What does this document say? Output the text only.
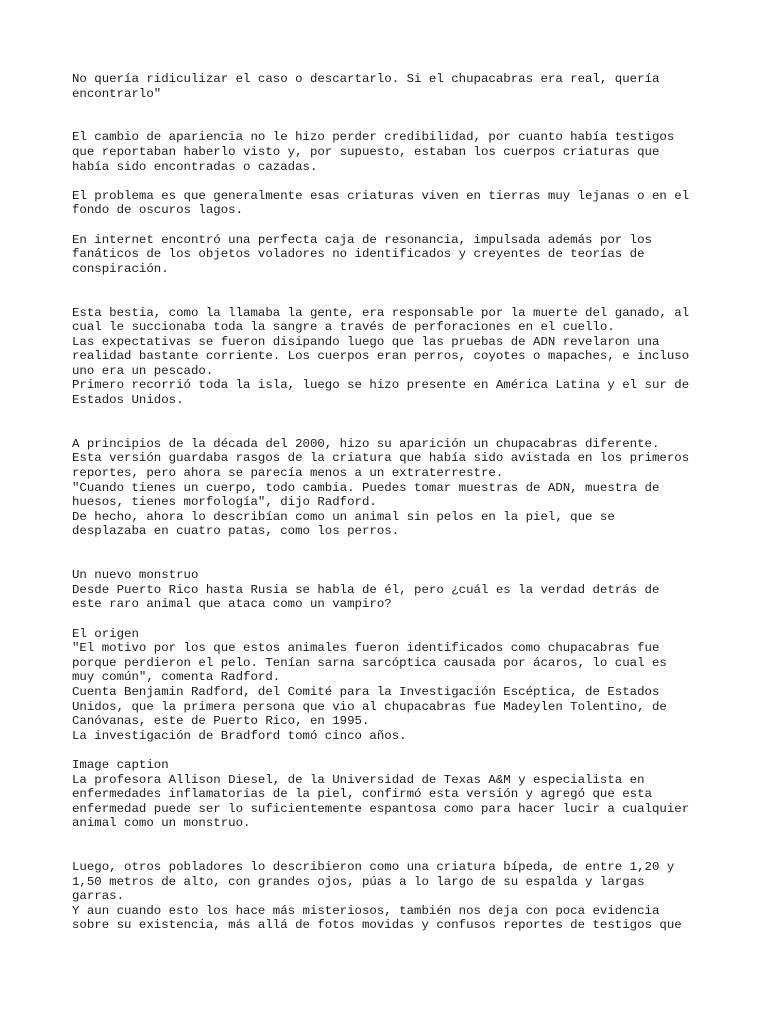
No quería ridiculizar el caso o descartarlo. Si el chupacabras era real, quería
encontrarlo"
El cambio de apariencia no le hizo perder credibilidad, por cuanto había testigos
que reportaban haberlo visto y, por supuesto, estaban los cuerpos criaturas que
había sido encontradas o cazadas.
El problema es que generalmente esas criaturas viven en tierras muy lejanas o en el
fondo de oscuros lagos.
En internet encontró una perfecta caja de resonancia, impulsada además por los
fanáticos de los objetos voladores no identificados y creyentes de teorías de
conspiración.
Esta bestia, como la llamaba la gente, era responsable por la muerte del ganado, al
cual le succionaba toda la sangre a través de perforaciones en el cuello.
Las expectativas se fueron disipando luego que las pruebas de ADN revelaron una
realidad bastante corriente. Los cuerpos eran perros, coyotes o mapaches, e incluso
uno era un pescado.
Primero recorrió toda la isla, luego se hizo presente en América Latina y el sur de
Estados Unidos.
A principios de la década del 2000, hizo su aparición un chupacabras diferente.
Esta versión guardaba rasgos de la criatura que había sido avistada en los primeros
reportes, pero ahora se parecía menos a un extraterrestre.
"Cuando tienes un cuerpo, todo cambia. Puedes tomar muestras de ADN, muestra de
huesos, tienes morfología", dijo Radford.
De hecho, ahora lo describían como un animal sin pelos en la piel, que se
desplazaba en cuatro patas, como los perros.
Un nuevo monstruo
Desde Puerto Rico hasta Rusia se habla de él, pero ¿cuál es la verdad detrás de
este raro animal que ataca como un vampiro?
El origen
"El motivo por los que estos animales fueron identificados como chupacabras fue
porque perdieron el pelo. Tenían sarna sarcóptica causada por ácaros, lo cual es
muy común", comenta Radford.
Cuenta Benjamin Radford, del Comité para la Investigación Escéptica, de Estados
Unidos, que la primera persona que vio al chupacabras fue Madeylen Tolentino, de
Canóvanas, este de Puerto Rico, en 1995.
La investigación de Bradford tomó cinco años.
Image caption
La profesora Allison Diesel, de la Universidad de Texas A&M y especialista en
enfermedades inflamatorias de la piel, confirmó esta versión y agregó que esta
enfermedad puede ser lo suficientemente espantosa como para hacer lucir a cualquier
animal como un monstruo.
Luego, otros pobladores lo describieron como una criatura bípeda, de entre 1,20 y
1,50 metros de alto, con grandes ojos, púas a lo largo de su espalda y largas
garras.
Y aun cuando esto los hace más misteriosos, también nos deja con poca evidencia
sobre su existencia, más allá de fotos movidas y confusos reportes de testigos que
